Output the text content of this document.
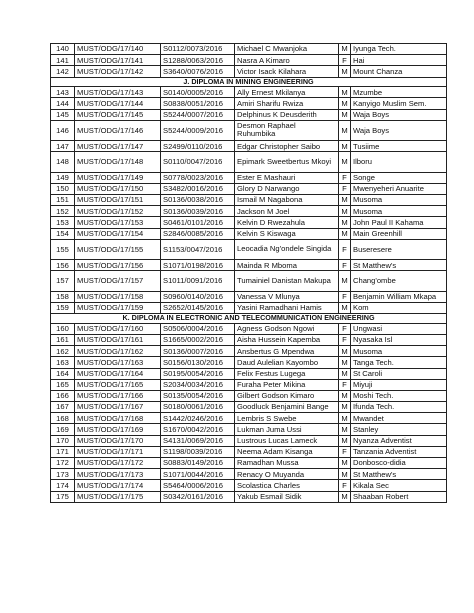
140	MUST/ODG/17/140	S0112/0073/2016	Michael C Mwanjoka	M	Iyunga Tech.
141	MUST/ODG/17/141	S1288/0063/2016	Nasra A Kimaro	F	Hai
142	MUST/ODG/17/142	S3640/0076/2016	Victor Isack Kilahara	M	Mount Chanza
J. DIPLOMA IN MINING ENGINEERING					
143	MUST/ODG/17/143	S0140/0005/2016	Ally Ernest Mkilanya	M	Mzumbe
144	MUST/ODG/17/144	S0838/0051/2016	Amiri Sharifu Rwiza	M	Kanyigo Muslim Sem.
145	MUST/ODG/17/145	S5244/0007/2016	Delphinus K Deusderith	M	Waja Boys
146	MUST/ODG/17/146	S5244/0009/2016	Desmon Raphael Ruhumbika	M	Waja Boys
147	MUST/ODG/17/147	S2499/0110/2016	Edgar Christopher Saibo	M	Tusiime
148	MUST/ODG/17/148	S0110/0047/2016	Epimark Sweetbertus Mkoyi	M	Ilboru
149	MUST/ODG/17/149	S0778/0023/2016	Ester E Mashauri	F	Songe
150	MUST/ODG/17/150	S3482/0016/2016	Glory D Narwango	F	Mwenyeheri Anuarite
151	MUST/ODG/17/151	S0136/0038/2016	Ismail M Nagabona	M	Musoma
152	MUST/ODG/17/152	S0136/0039/2016	Jackson M Joel	M	Musoma
153	MUST/ODG/17/153	S0461/0101/2016	Kelvin D Rwezahula	M	John Paul II Kahama
154	MUST/ODG/17/154	S2846/0085/2016	Kelvin S Kiswaga	M	Main Greenhill
155	MUST/ODG/17/155	S1153/0047/2016	Leocadia Ng'ondele Singida	F	Buseresere
156	MUST/ODG/17/156	S1071/0198/2016	Mainda R Mboma	F	St Matthew's
157	MUST/ODG/17/157	S1011/0091/2016	Tumainiel Danistan Makupa	M	Chang'ombe
158	MUST/ODG/17/158	S0960/0140/2016	Vanessa V Mlunya	F	Benjamin William Mkapa
159	MUST/ODG/17/159	S2652/0145/2016	Yasini Ramadhani Hamis	M	Kom
K. DIPLOMA IN ELECTRONIC AND TELECOMMUNICATION ENGINEERING					
160	MUST/ODG/17/160	S0506/0004/2016	Agness Godson Ngowi	F	Ungwasi
161	MUST/ODG/17/161	S1665/0002/2016	Aisha Hussein Kapemba	F	Nyasaka Isl
162	MUST/ODG/17/162	S0136/0007/2016	Ansbertus G Mpendwa	M	Musoma
163	MUST/ODG/17/163	S0156/0130/2016	Daud Aulelian Kayombo	M	Tanga Tech.
164	MUST/ODG/17/164	S0195/0054/2016	Felix Festus Lugega	M	St Caroli
165	MUST/ODG/17/165	S2034/0034/2016	Furaha Peter Mikina	F	Miyuji
166	MUST/ODG/17/166	S0135/0054/2016	Gilbert Godson Kimaro	M	Moshi Tech.
167	MUST/ODG/17/167	S0180/0061/2016	Goodluck Benjamini Bange	M	Ifunda Tech.
168	MUST/ODG/17/168	S1442/0246/2016	Lembris S Swebe	M	Mwandet
169	MUST/ODG/17/169	S1670/0042/2016	Lukman Juma Ussi	M	Stanley
170	MUST/ODG/17/170	S4131/0069/2016	Lustrous Lucas Lameck	M	Nyanza Adventist
171	MUST/ODG/17/171	S1198/0039/2016	Neema Adam Kisanga	F	Tanzania Adventist
172	MUST/ODG/17/172	S0883/0149/2016	Ramadhan Mussa	M	Donbosco-didia
173	MUST/ODG/17/173	S1071/0044/2016	Renacy O Muyanda	M	St Matthew's
174	MUST/ODG/17/174	S5464/0006/2016	Scolastica Charles	F	Kikala Sec
175	MUST/ODG/17/175	S0342/0161/2016	Yakub Esmail Sidik	M	Shaaban Robert
